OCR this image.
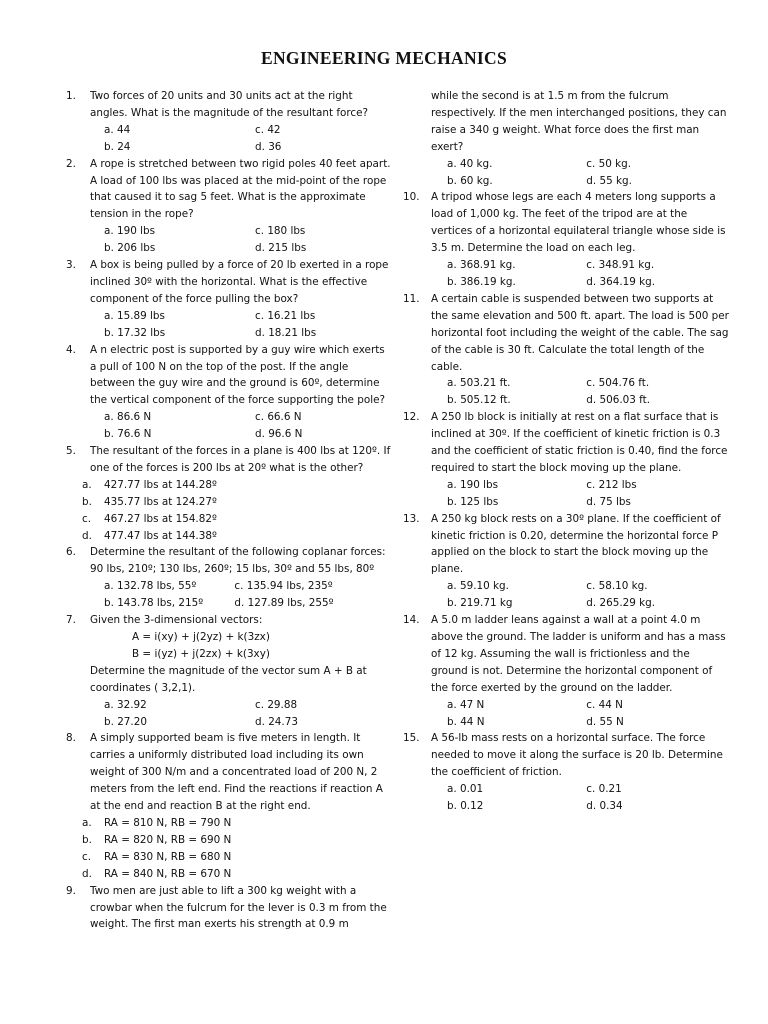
ENGINEERING MECHANICS
1. Two forces of 20 units and 30 units act at the right angles. What is the magnitude of the resultant force?
a. 44	c. 42
b. 24	d. 36
2. A rope is stretched between two rigid poles 40 feet apart. A load of 100 lbs was placed at the mid-point of the rope that caused it to sag 5 feet. What is the approximate tension in the rope?
a. 190 lbs	c. 180 lbs
b. 206 lbs	d. 215 lbs
3. A box is being pulled by a force of 20 lb exerted in a rope inclined 30º with the horizontal. What is the effective component of the force pulling the box?
a. 15.89 lbs	c. 16.21 lbs
b. 17.32 lbs	d. 18.21 lbs
4. A n electric post is supported by a guy wire which exerts a pull of 100 N on the top of the post. If the angle between the guy wire and the ground is 60º, determine the vertical component of the force supporting the pole?
a. 86.6 N	c. 66.6 N
b. 76.6 N	d. 96.6 N
5. The resultant of the forces in a plane is 400 lbs at 120º. If one of the forces is 200 lbs at 20º what is the other?
a.	427.77 lbs at 144.28º
b.	435.77 lbs at 124.27º
c.	467.27 lbs at 154.82º
d.	477.47 lbs at 144.38º
6. Determine the resultant of the following coplanar forces: 90 lbs, 210º; 130 lbs, 260º; 15 lbs, 30º and 55 lbs, 80º
a. 132.78 lbs, 55º	c. 135.94 lbs, 235º
b. 143.78 lbs, 215º	d. 127.89 lbs, 255º
7. Given the 3-dimensional vectors:
A = i(xy) + j(2yz) + k(3zx)
B = i(yz) + j(2zx) + k(3xy)
Determine the magnitude of the vector sum A + B at coordinates ( 3,2,1).
a. 32.92	c. 29.88
b. 27.20	d. 24.73
8. A simply supported beam is five meters in length. It carries a uniformly distributed load including its own weight of 300 N/m and a concentrated load of 200 N, 2 meters from the left end. Find the reactions if reaction A at the end and reaction B at the right end.
a.	RA = 810 N, RB = 790 N
b.	RA = 820 N, RB = 690 N
c.	RA = 830 N, RB = 680 N
d.	RA = 840 N, RB = 670 N
9. Two men are just able to lift a 300 kg weight with a crowbar when the fulcrum for the lever is 0.3 m from the weight. The first man exerts his strength at 0.9 m
while the second is at 1.5 m from the fulcrum respectively. If the men interchanged positions, they can raise a 340 g weight. What force does the first man exert?
a. 40 kg.	c. 50 kg.
b. 60 kg.	d. 55 kg.
10. A tripod whose legs are each 4 meters long supports a load of 1,000 kg. The feet of the tripod are at the vertices of a horizontal equilateral triangle whose side is 3.5 m. Determine the load on each leg.
a. 368.91 kg.	c. 348.91 kg.
b. 386.19 kg.	d. 364.19 kg.
11. A certain cable is suspended between two supports at the same elevation and 500 ft. apart. The load is 500 per horizontal foot including the weight of the cable. The sag of the cable is 30 ft. Calculate the total length of the cable.
a. 503.21 ft.	c. 504.76 ft.
b. 505.12 ft.	d. 506.03 ft.
12. A 250 lb block is initially at rest on a flat surface that is inclined at 30º. If the coefficient of kinetic friction is 0.3 and the coefficient of static friction is 0.40, find the force required to start the block moving up the plane.
a. 190 lbs	c. 212 lbs
b. 125 lbs	d. 75 lbs
13. A 250 kg block rests on a 30º plane. If the coefficient of kinetic friction is 0.20, determine the horizontal force P applied on the block to start the block moving up the plane.
a. 59.10 kg.	c. 58.10 kg.
b. 219.71 kg	d. 265.29 kg.
14. A 5.0 m ladder leans against a wall at a point 4.0 m above the ground. The ladder is uniform and has a mass of 12 kg. Assuming the wall is frictionless and the ground is not. Determine the horizontal component of the force exerted by the ground on the ladder.
a. 47 N	c. 44 N
b. 44 N	d. 55 N
15. A 56-lb mass rests on a horizontal surface. The force needed to move it along the surface is 20 lb. Determine the coefficient of friction.
a. 0.01	c. 0.21
b. 0.12	d. 0.34
